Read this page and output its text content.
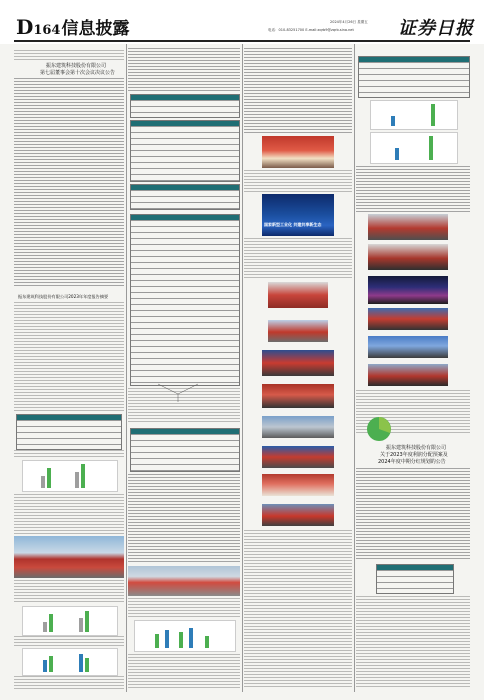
D164信息披露	2024年4月26日 星期五
电话：010-83251700 E-mail:zqrb9@zqrb.sina.net 证券日报
振东建筑科技股份有限公司
第七届董事会第十次会议决议公告
振东建筑科技股份有限公司2023年年度报告摘要
国家新型工业化 共建共享新生态
振东建筑科技股份有限公司
关于2023年度利润分配预案及
2024年度中期分红规划的公告
